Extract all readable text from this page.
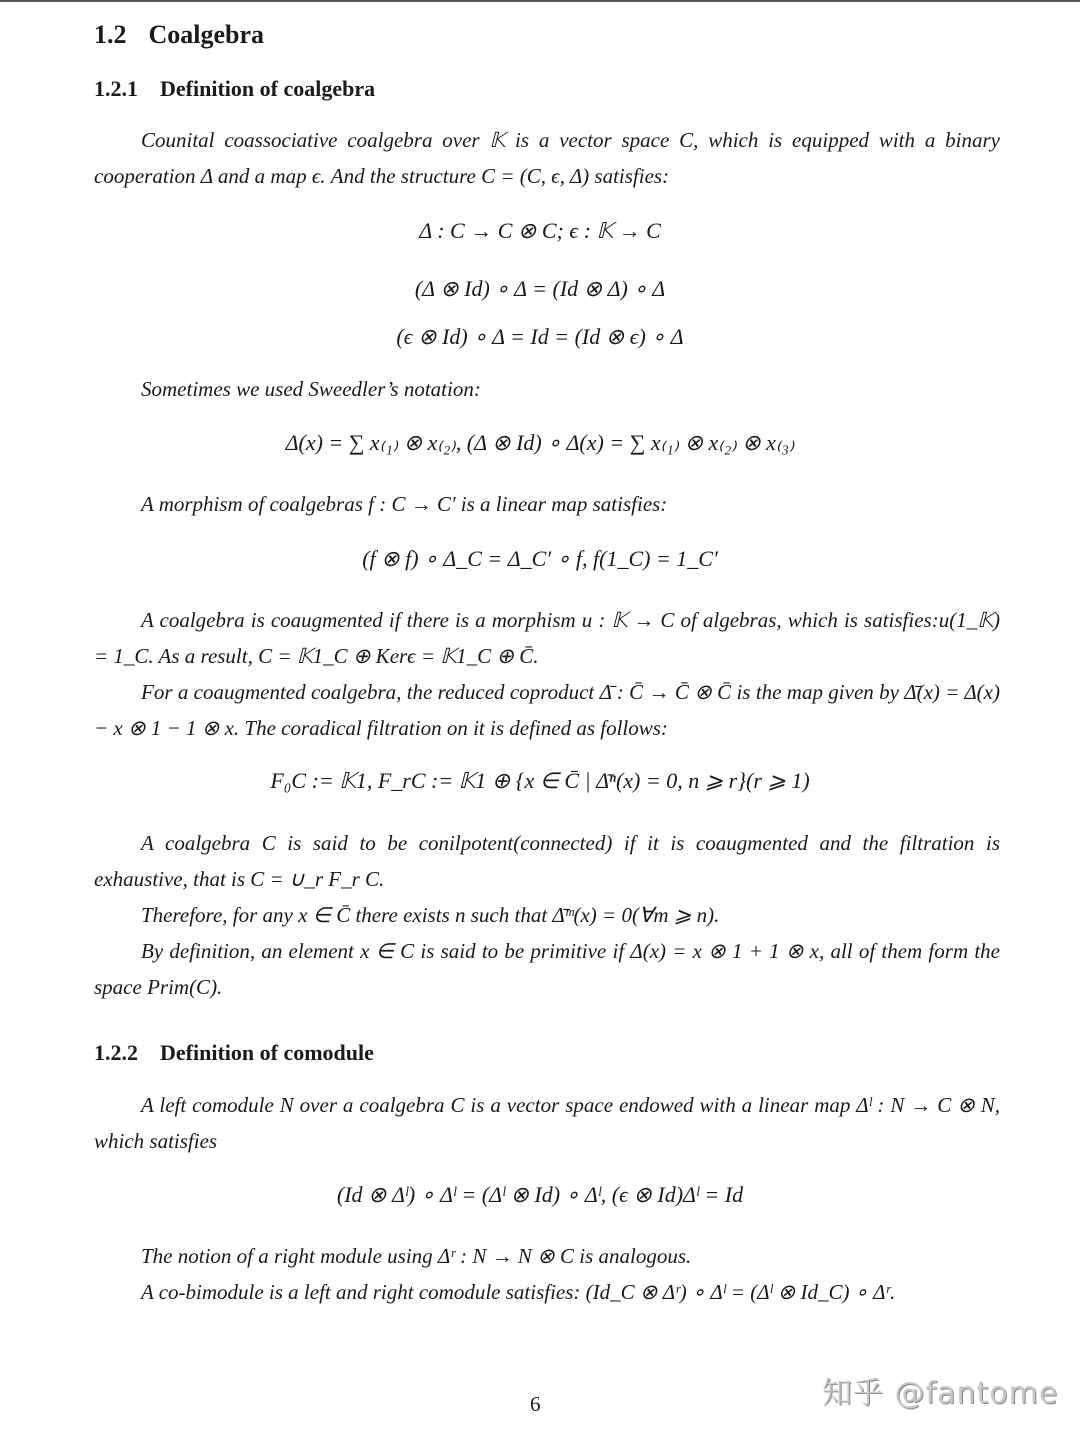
1.2 Coalgebra
1.2.1 Definition of coalgebra
Counital coassociative coalgebra over 𝕂 is a vector space C, which is equipped with a binary cooperation Δ and a map ϵ. And the structure C = (C, ϵ, Δ) satisfies:
Δ : C → C ⊗ C; ϵ : 𝕂 → C
(Δ ⊗ Id) ∘ Δ = (Id ⊗ Δ) ∘ Δ
(ϵ ⊗ Id) ∘ Δ = Id = (Id ⊗ ϵ) ∘ Δ
Sometimes we used Sweedler’s notation:
Δ(x) = ∑ x₍₁₎ ⊗ x₍₂₎, (Δ ⊗ Id) ∘ Δ(x) = ∑ x₍₁₎ ⊗ x₍₂₎ ⊗ x₍₃₎
A morphism of coalgebras f : C → C′ is a linear map satisfies:
(f ⊗ f) ∘ Δ_C = Δ_C′ ∘ f, f(1_C) = 1_C′
A coalgebra is coaugmented if there is a morphism u : 𝕂 → C of algebras, which is satisfies:u(1_𝕂) = 1_C. As a result, C = 𝕂1_C ⊕ Kerϵ = 𝕂1_C ⊕ C̄.
For a coaugmented coalgebra, the reduced coproduct Δ̄ : C̄ → C̄ ⊗ C̄ is the map given by Δ̄(x) = Δ(x) − x ⊗ 1 − 1 ⊗ x. The coradical filtration on it is defined as follows:
F₀C := 𝕂1, F_rC := 𝕂1 ⊕ {x ∈ C̄ | Δ̄ⁿ(x) = 0, n ⩾ r}(r ⩾ 1)
A coalgebra C is said to be conilpotent(connected) if it is coaugmented and the filtration is exhaustive, that is C = ∪_r F_r C.
Therefore, for any x ∈ C̄ there exists n such that Δ̄ᵐ(x) = 0(∀m ⩾ n).
By definition, an element x ∈ C is said to be primitive if Δ(x) = x ⊗ 1 + 1 ⊗ x, all of them form the space Prim(C).
1.2.2 Definition of comodule
A left comodule N over a coalgebra C is a vector space endowed with a linear map Δˡ : N → C ⊗ N, which satisfies
(Id ⊗ Δˡ) ∘ Δˡ = (Δˡ ⊗ Id) ∘ Δˡ, (ϵ ⊗ Id)Δˡ = Id
The notion of a right module using Δʳ : N → N ⊗ C is analogous.
A co-bimodule is a left and right comodule satisfies: (Id_C ⊗ Δʳ) ∘ Δˡ = (Δˡ ⊗ Id_C) ∘ Δʳ.
6	知乎 @fantome
